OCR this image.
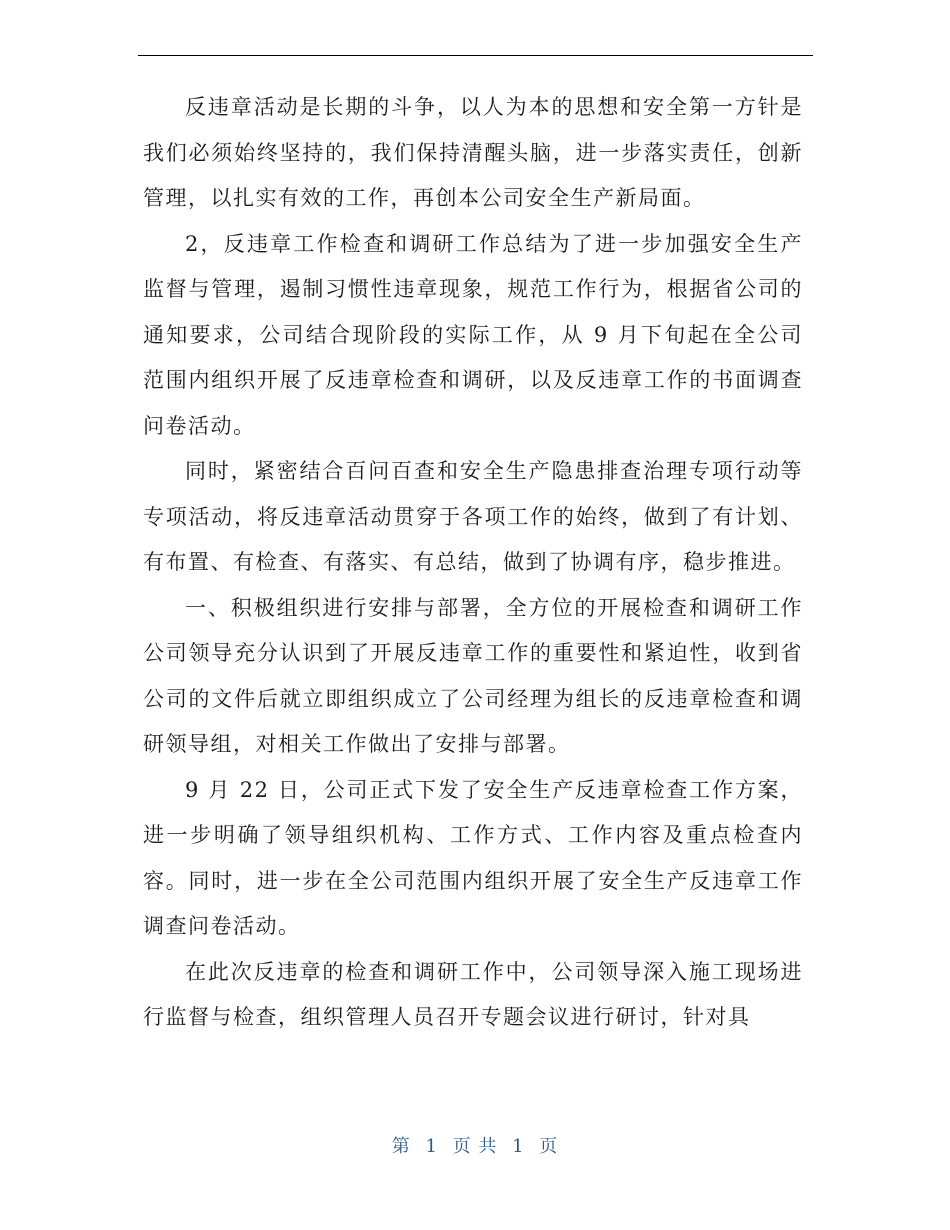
反违章活动是长期的斗争，以人为本的思想和安全第一方针是我们必须始终坚持的，我们保持清醒头脑，进一步落实责任，创新管理，以扎实有效的工作，再创本公司安全生产新局面。

2，反违章工作检查和调研工作总结为了进一步加强安全生产监督与管理，遏制习惯性违章现象，规范工作行为，根据省公司的通知要求，公司结合现阶段的实际工作，从 9 月下旬起在全公司范围内组织开展了反违章检查和调研，以及反违章工作的书面调查问卷活动。

同时，紧密结合百问百查和安全生产隐患排查治理专项行动等专项活动，将反违章活动贯穿于各项工作的始终，做到了有计划、有布置、有检查、有落实、有总结，做到了协调有序，稳步推进。

一、积极组织进行安排与部署，全方位的开展检查和调研工作公司领导充分认识到了开展反违章工作的重要性和紧迫性，收到省公司的文件后就立即组织成立了公司经理为组长的反违章检查和调研领导组，对相关工作做出了安排与部署。

9 月 22 日，公司正式下发了安全生产反违章检查工作方案，进一步明确了领导组织机构、工作方式、工作内容及重点检查内容。同时，进一步在全公司范围内组织开展了安全生产反违章工作调查问卷活动。

在此次反违章的检查和调研工作中，公司领导深入施工现场进行监督与检查，组织管理人员召开专题会议进行研讨，针对具

第 1 页 共 1 页
